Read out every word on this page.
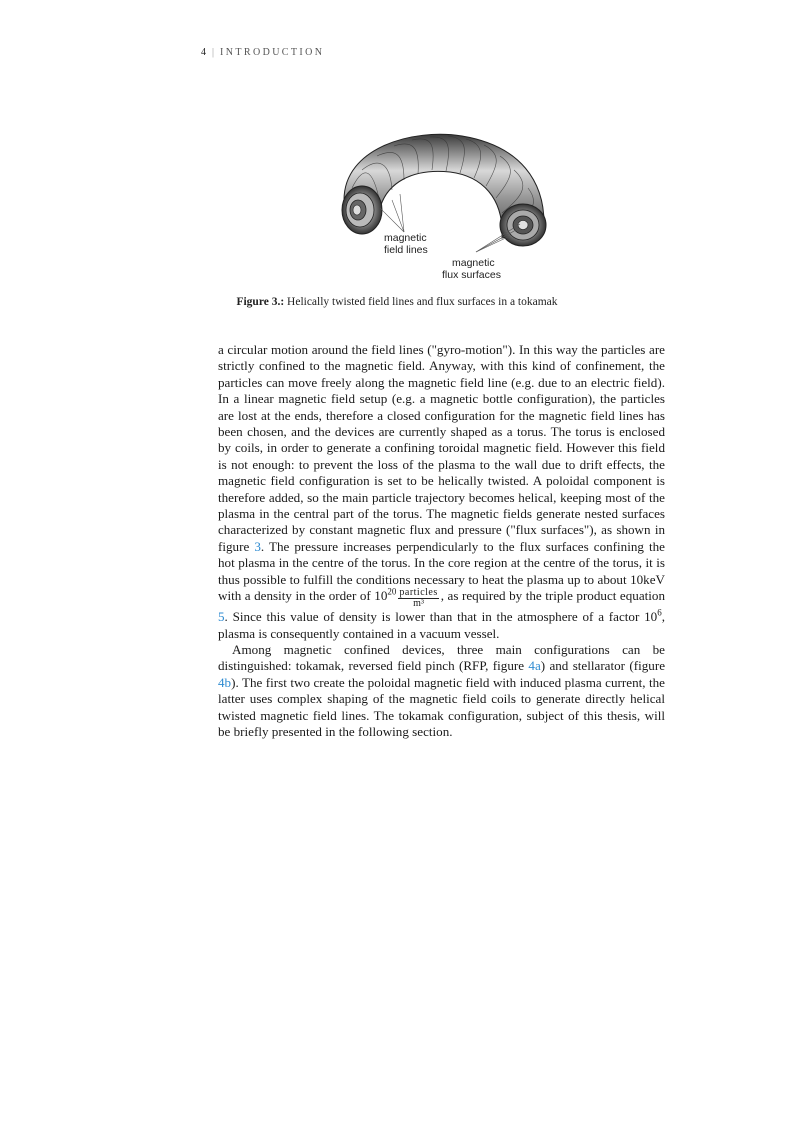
4 | INTRODUCTION
magnetic
field lines
magnetic
flux surfaces
Figure 3.: Helically twisted field lines and flux surfaces in a tokamak

a circular motion around the field lines ("gyro-motion"). In this way the particles are strictly confined to the magnetic field. Anyway, with this kind of confinement, the particles can move freely along the magnetic field line (e.g. due to an electric field). In a linear magnetic field setup (e.g. a magnetic bottle configuration), the particles are lost at the ends, therefore a closed configuration for the magnetic field lines has been chosen, and the devices are currently shaped as a torus. The torus is enclosed by coils, in order to generate a confining toroidal magnetic field. However this field is not enough: to prevent the loss of the plasma to the wall due to drift effects, the magnetic field configuration is set to be helically twisted. A poloidal component is therefore added, so the main particle trajectory becomes helical, keeping most of the plasma in the central part of the torus. The magnetic fields generate nested surfaces characterized by constant magnetic flux and pressure ("flux surfaces"), as shown in figure 3. The pressure increases perpendicularly to the flux surfaces confining the hot plasma in the centre of the torus. In the core region at the centre of the torus, it is thus possible to fulfill the conditions necessary to heat the plasma up to about 10keV with a density in the order of $10^{20} \frac{\text{particles}}{\text{m³}}$ , as required by the triple product equation 5. Since this value of density is lower than that in the atmosphere of a factor $10^6$, plasma is consequently contained in a vacuum vessel.

Among magnetic confined devices, three main configurations can be distinguished: tokamak, reversed field pinch (RFP, figure 4a) and stellarator (figure 4b). The first two create the poloidal magnetic field with induced plasma current, the latter uses complex shaping of the magnetic field coils to generate directly helical twisted magnetic field lines. The tokamak configuration, subject of this thesis, will be briefly presented in the following section.
